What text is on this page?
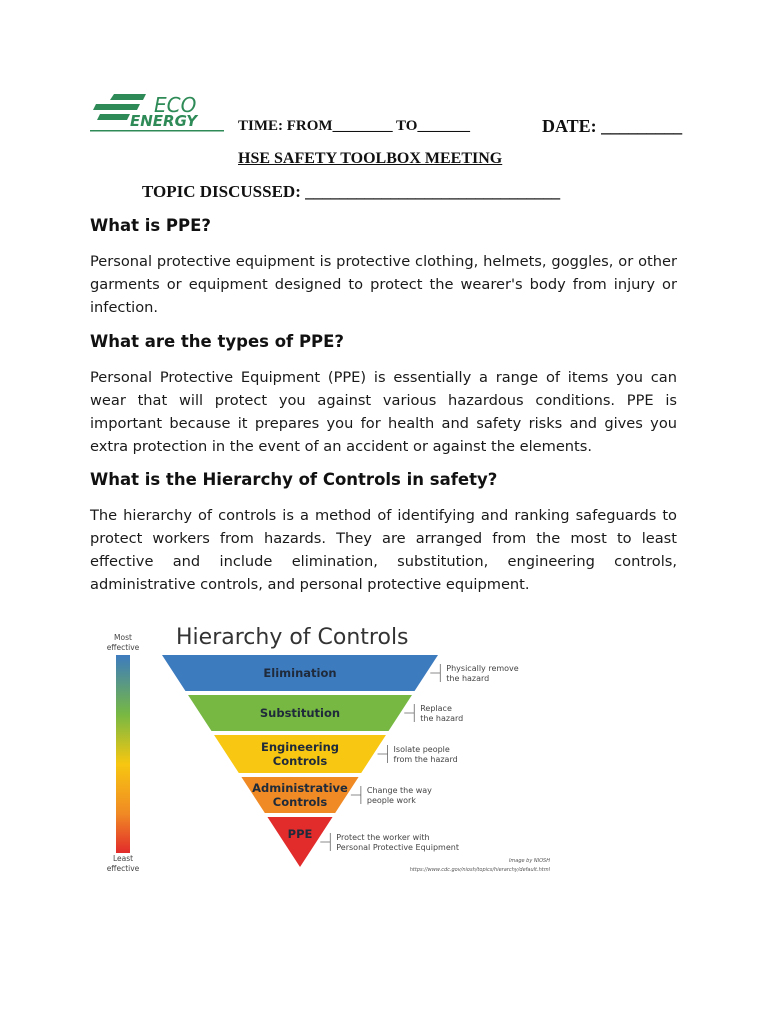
ECO
ENERGY	TIME: FROM________ TO_______	DATE: _________
HSE SAFETY TOOLBOX MEETING
TOPIC DISCUSSED: ______________________________
What is PPE?

Personal protective equipment is protective clothing, helmets, goggles, or other garments or equipment designed to protect the wearer's body from injury or infection.

What are the types of PPE?

Personal Protective Equipment (PPE) is essentially a range of items you can wear that will protect you against various hazardous conditions. PPE is important because it prepares you for health and safety risks and gives you extra protection in the event of an accident or against the elements.

What is the Hierarchy of Controls in safety?

The hierarchy of controls is a method of identifying and ranking safeguards to protect workers from hazards. They are arranged from the most to least effective and include elimination, substitution, engineering controls, administrative controls, and personal protective equipment.

Hierarchy of Controls
Most
effective
Least
effective
Elimination	Physically remove
the hazard
Substitution	Replace
the hazard
Engineering
Controls
Isolate people
from the hazard
Administrative
Controls
Change the way
people work
PPE	Protect the worker with
Personal Protective Equipment
Image by NIOSH
https://www.cdc.gov/niosh/topics/hierarchy/default.html
